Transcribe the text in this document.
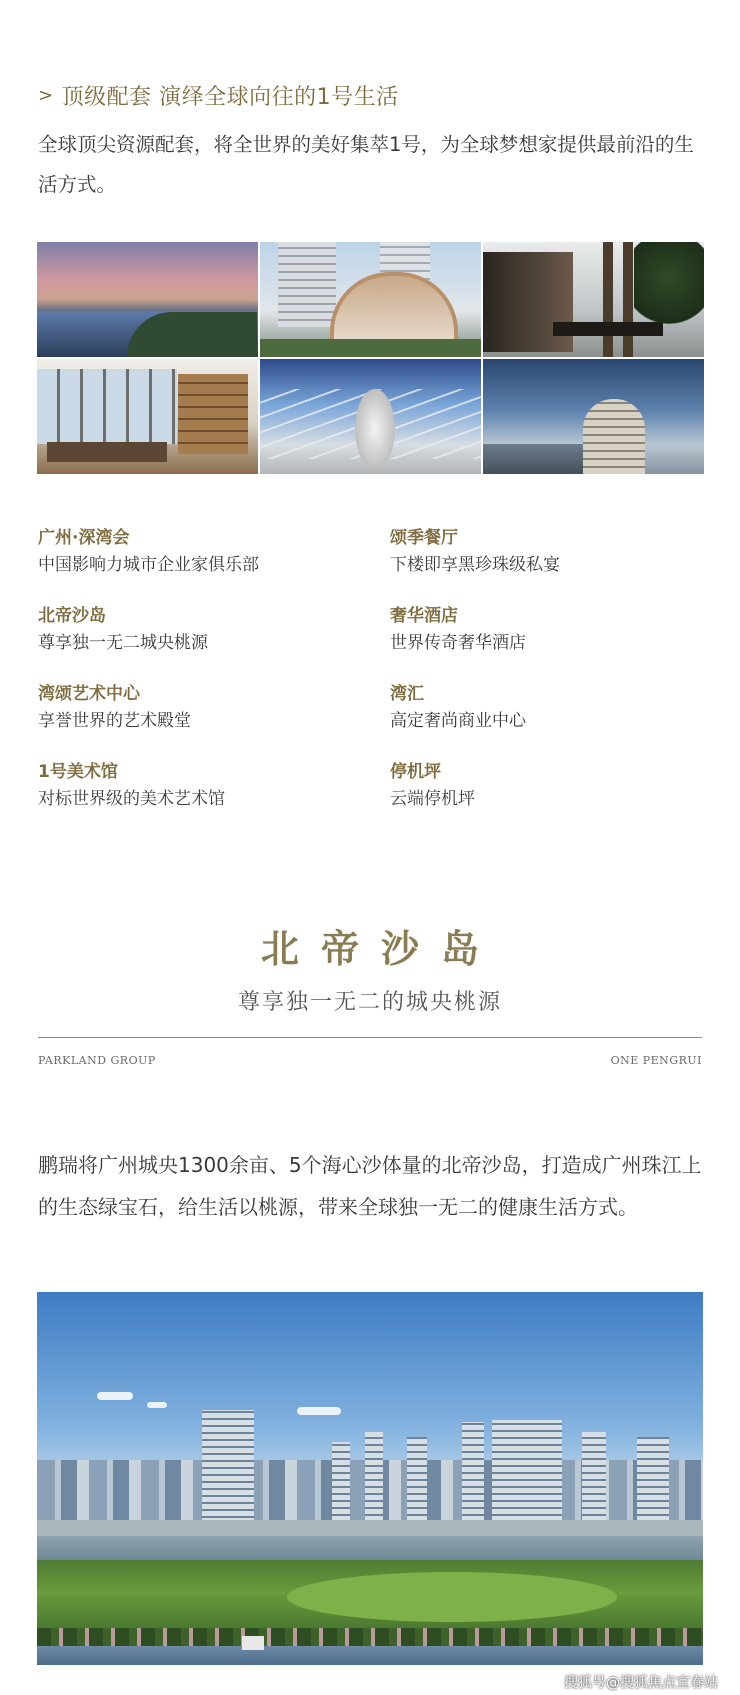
> 顶级配套 演绎全球向往的1号生活
全球顶尖资源配套，将全世界的美好集萃1号，为全球梦想家提供最前沿的生活方式。
广州·深湾会
中国影响力城市企业家俱乐部
颂季餐厅
下楼即享黑珍珠级私宴
北帝沙岛
尊享独一无二城央桃源
奢华酒店
世界传奇奢华酒店
湾颂艺术中心
享誉世界的艺术殿堂
湾汇
高定奢尚商业中心
1号美术馆
对标世界级的美术艺术馆
停机坪
云端停机坪
北帝沙岛
尊享独一无二的城央桃源
PARKLAND GROUP	ONE PENGRUI
鹏瑞将广州城央1300余亩、5个海心沙体量的北帝沙岛，打造成广州珠江上的生态绿宝石，给生活以桃源，带来全球独一无二的健康生活方式。
搜狐号@搜狐焦点宜春站
